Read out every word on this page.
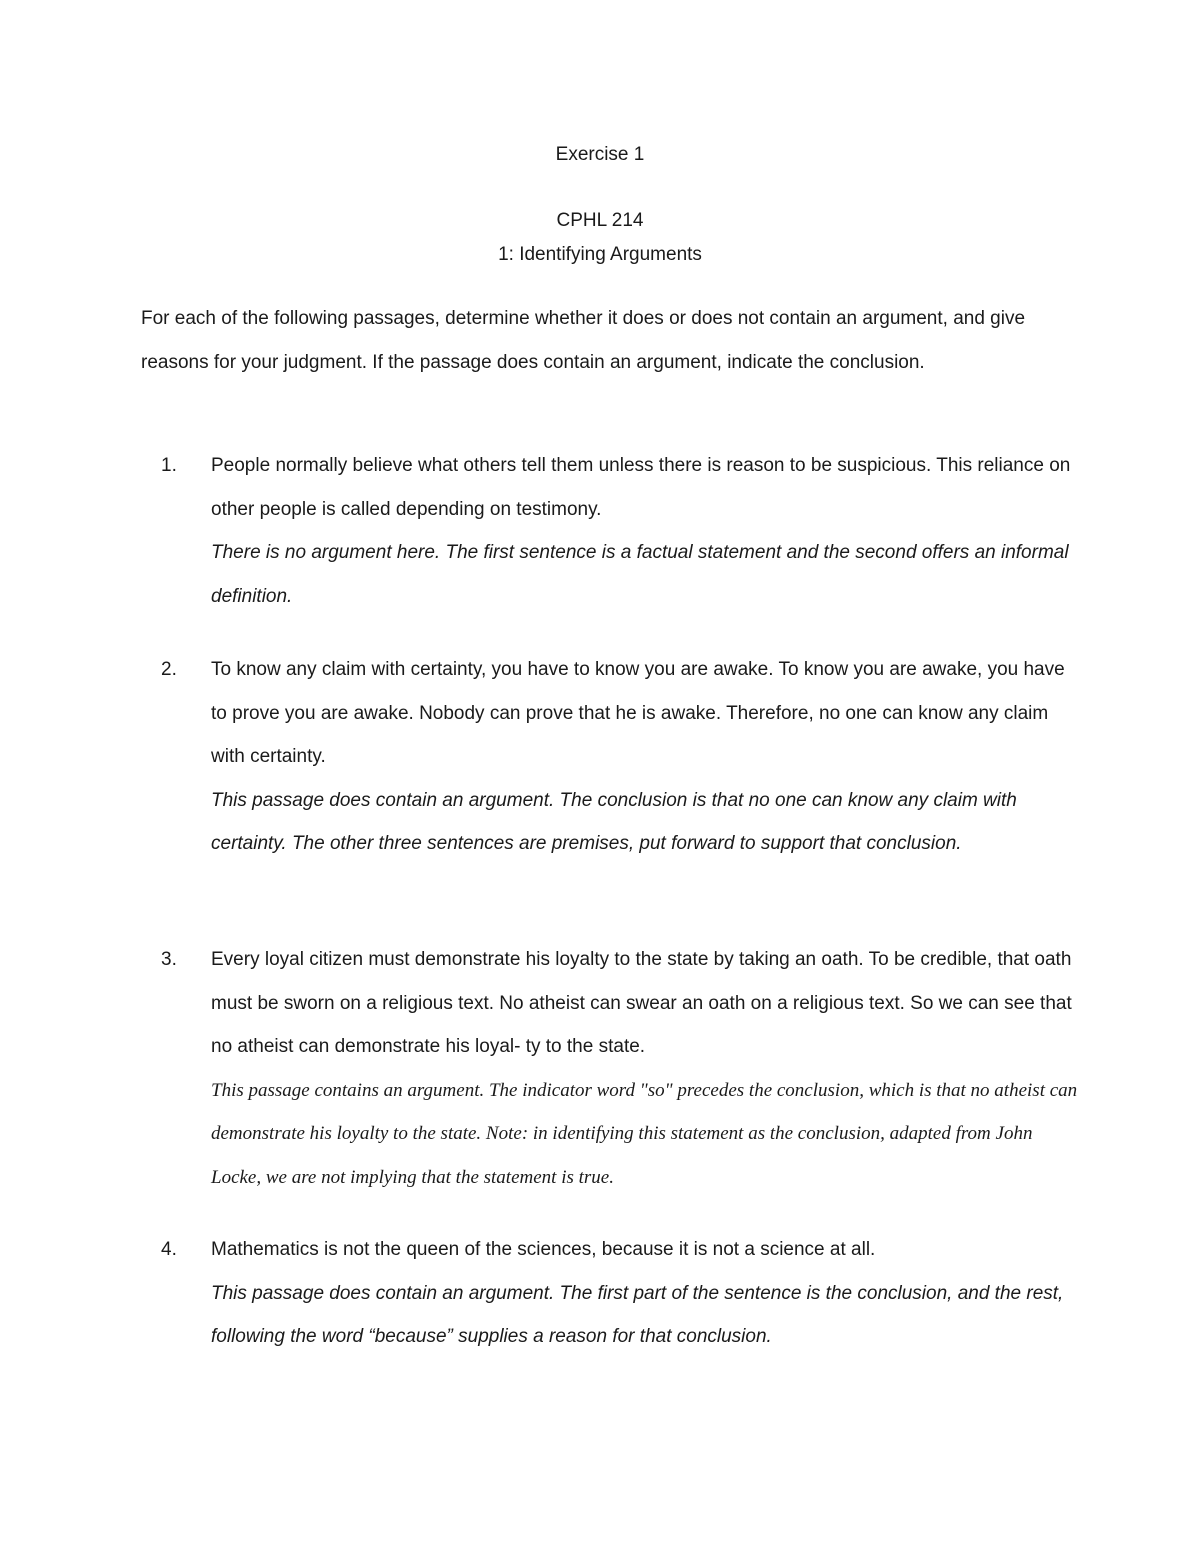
Exercise 1
CPHL 214
1: Identifying Arguments

For each of the following passages, determine whether it does or does not contain an argument, and give reasons for your judgment. If the passage does contain an argument, indicate the conclusion.

1. People normally believe what others tell them unless there is reason to be suspicious. This reliance on other people is called depending on testimony.

There is no argument here. The first sentence is a factual statement and the second offers an informal definition.

2. To know any claim with certainty, you have to know you are awake. To know you are awake, you have to prove you are awake. Nobody can prove that he is awake. Therefore, no one can know any claim with certainty.

This passage does contain an argument. The conclusion is that no one can know any claim with certainty. The other three sentences are premises, put forward to support that conclusion.

3. Every loyal citizen must demonstrate his loyalty to the state by taking an oath. To be credible, that oath must be sworn on a religious text. No atheist can swear an oath on a religious text. So we can see that no atheist can demonstrate his loyal- ty to the state.

This passage contains an argument. The indicator word "so" precedes the conclusion, which is that no atheist can demonstrate his loyalty to the state. Note: in identifying this statement as the conclusion, adapted from John Locke, we are not implying that the statement is true.

4. Mathematics is not the queen of the sciences, because it is not a science at all.

This passage does contain an argument. The first part of the sentence is the conclusion, and the rest, following the word “because” supplies a reason for that conclusion.
